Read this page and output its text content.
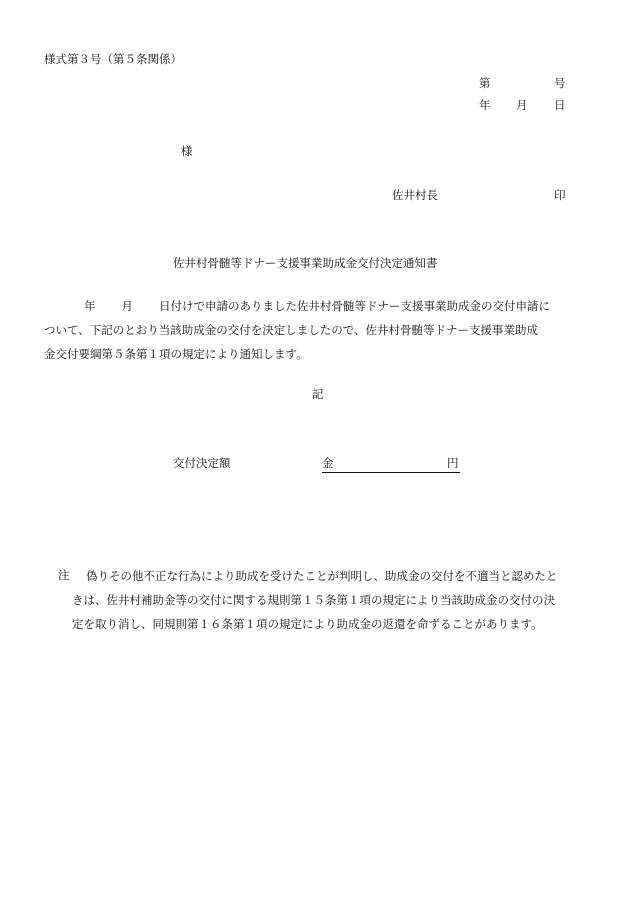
様式第３号（第５条関係）
第	号
年 月 日
様
佐井村長	印
佐井村骨髄等ドナー支援事業助成金交付決定通知書
年 月 日付けで申請のありました佐井村骨髄等ドナー支援事業助成金の交付申請に
ついて、下記のとおり当該助成金の交付を決定しましたので、佐井村骨髄等ドナー支援事業助成
金交付要綱第５条第１項の規定により通知します。
記
交付決定額	金	円
注 偽りその他不正な行為により助成を受けたことが判明し、助成金の交付を不適当と認めたと
きは、佐井村補助金等の交付に関する規則第１５条第１項の規定により当該助成金の交付の決
定を取り消し、同規則第１６条第１項の規定により助成金の返還を命ずることがあります。
